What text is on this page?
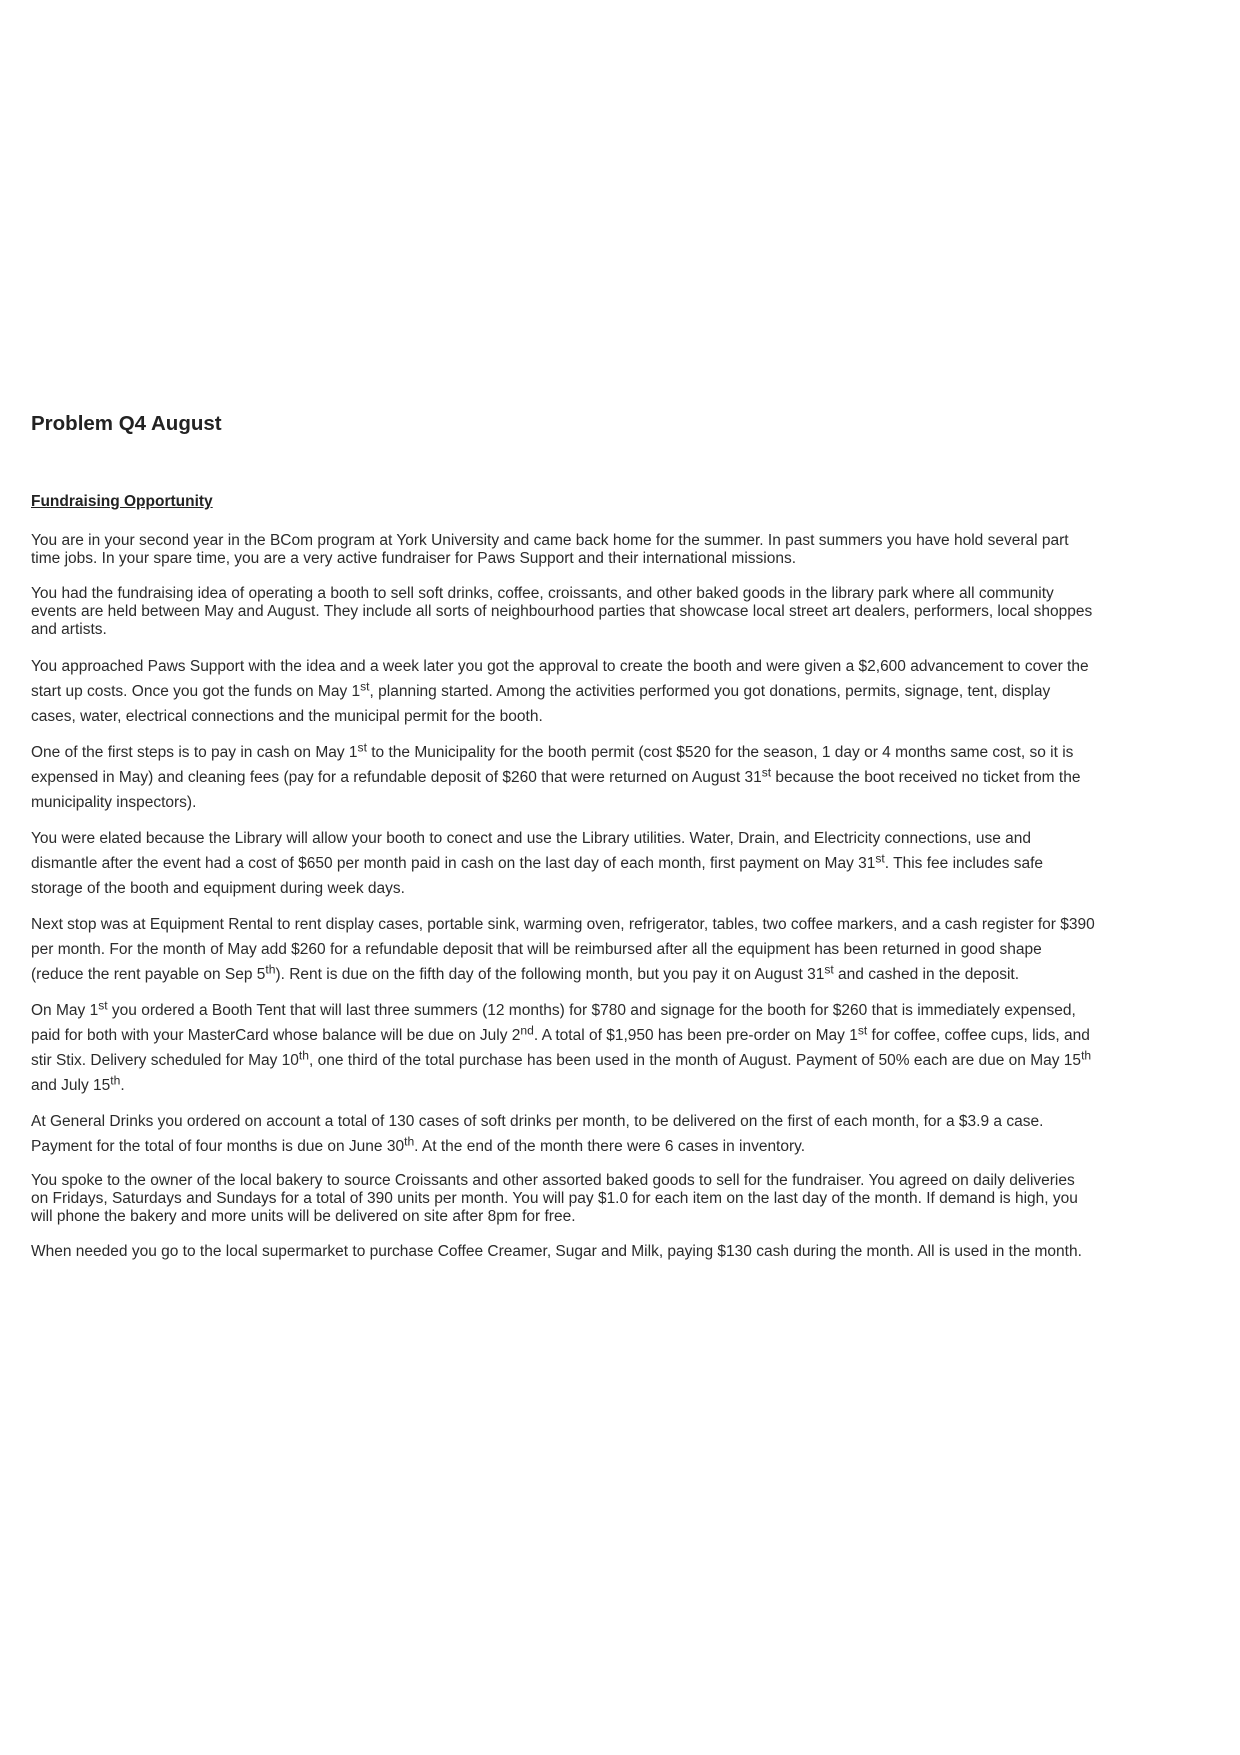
Problem Q4 August
Fundraising Opportunity

You are in your second year in the BCom program at York University and came back home for the summer. In past summers you have hold several part time jobs. In your spare time, you are a very active fundraiser for Paws Support and their international missions.

You had the fundraising idea of operating a booth to sell soft drinks, coffee, croissants, and other baked goods in the library park where all community events are held between May and August. They include all sorts of neighbourhood parties that showcase local street art dealers, performers, local shoppes and artists.

You approached Paws Support with the idea and a week later you got the approval to create the booth and were given a $2,600 advancement to cover the start up costs. Once you got the funds on May 1st, planning started. Among the activities performed you got donations, permits, signage, tent, display cases, water, electrical connections and the municipal permit for the booth.

One of the first steps is to pay in cash on May 1st to the Municipality for the booth permit (cost $520 for the season, 1 day or 4 months same cost, so it is expensed in May) and cleaning fees (pay for a refundable deposit of $260 that were returned on August 31st because the boot received no ticket from the municipality inspectors).

You were elated because the Library will allow your booth to conect and use the Library utilities. Water, Drain, and Electricity connections, use and dismantle after the event had a cost of $650 per month paid in cash on the last day of each month, first payment on May 31st. This fee includes safe storage of the booth and equipment during week days.

Next stop was at Equipment Rental to rent display cases, portable sink, warming oven, refrigerator, tables, two coffee markers, and a cash register for $390 per month. For the month of May add $260 for a refundable deposit that will be reimbursed after all the equipment has been returned in good shape (reduce the rent payable on Sep 5th). Rent is due on the fifth day of the following month, but you pay it on August 31st and cashed in the deposit.

On May 1st you ordered a Booth Tent that will last three summers (12 months) for $780 and signage for the booth for $260 that is immediately expensed, paid for both with your MasterCard whose balance will be due on July 2nd. A total of $1,950 has been pre-order on May 1st for coffee, coffee cups, lids, and stir Stix. Delivery scheduled for May 10th, one third of the total purchase has been used in the month of August. Payment of 50% each are due on May 15th and July 15th.

At General Drinks you ordered on account a total of 130 cases of soft drinks per month, to be delivered on the first of each month, for a $3.9 a case. Payment for the total of four months is due on June 30th. At the end of the month there were 6 cases in inventory.

You spoke to the owner of the local bakery to source Croissants and other assorted baked goods to sell for the fundraiser. You agreed on daily deliveries on Fridays, Saturdays and Sundays for a total of 390 units per month. You will pay $1.0 for each item on the last day of the month. If demand is high, you will phone the bakery and more units will be delivered on site after 8pm for free.

When needed you go to the local supermarket to purchase Coffee Creamer, Sugar and Milk, paying $130 cash during the month. All is used in the month.
